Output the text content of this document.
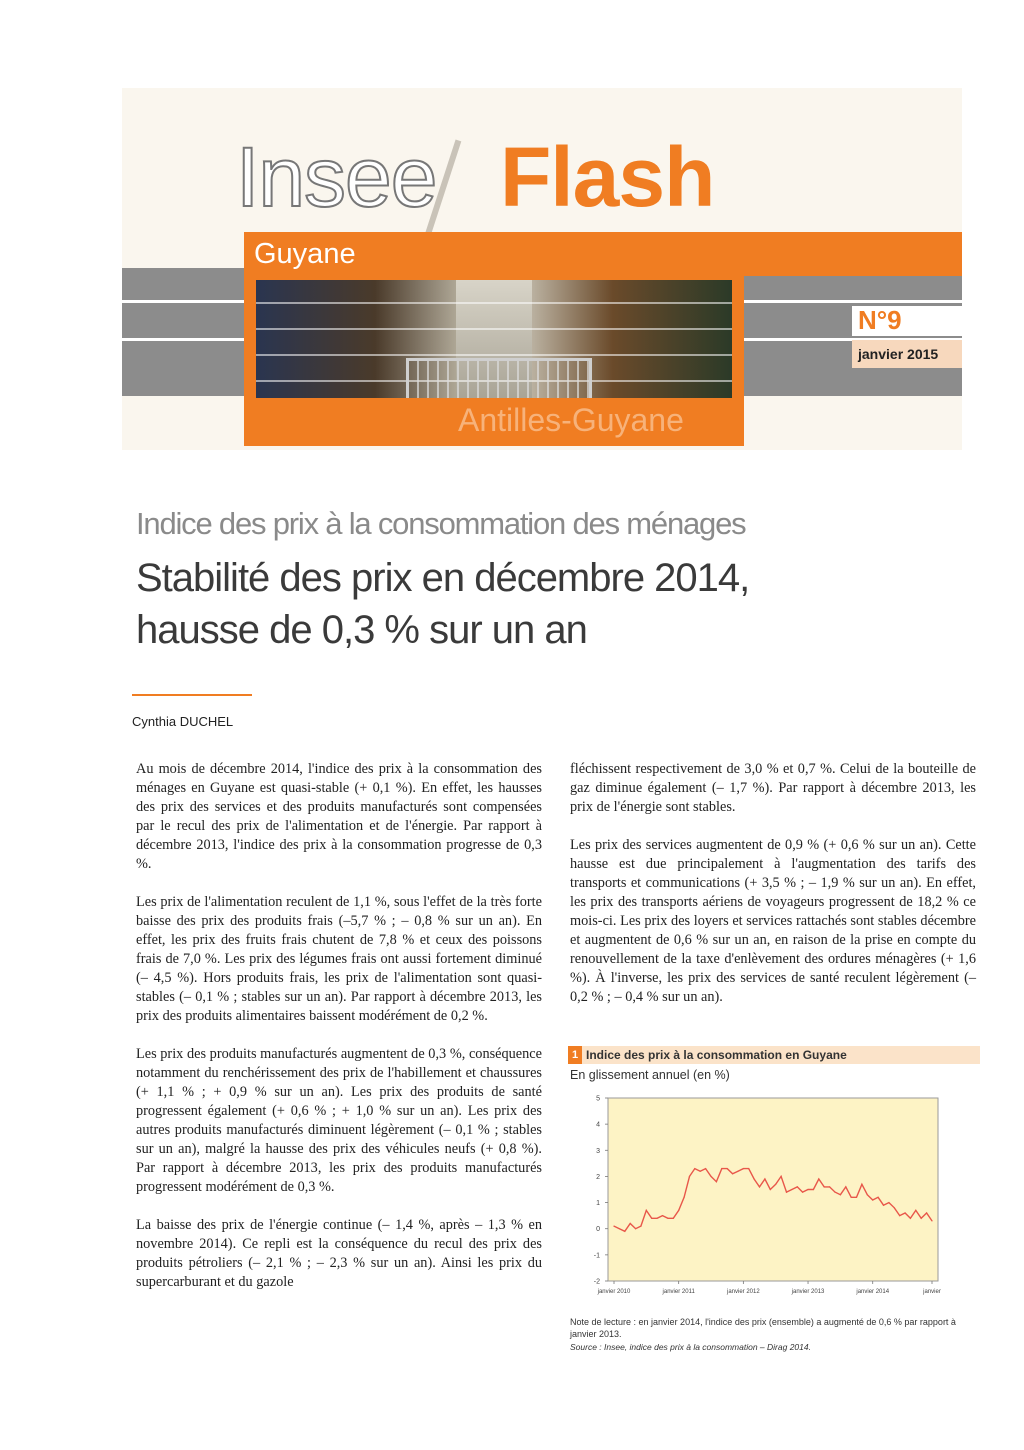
Insee Flash
Guyane
Antilles-Guyane
N°9
janvier 2015
Indice des prix à la consommation des ménages
Stabilité des prix en décembre 2014,
hausse de 0,3 % sur un an
Cynthia DUCHEL

Au mois de décembre 2014, l'indice des prix à la consommation des ménages en Guyane est quasi-stable (+ 0,1 %). En effet, les hausses des prix des services et des produits manufacturés sont compensées par le recul des prix de l'alimentation et de l'énergie. Par rapport à décembre 2013, l'indice des prix à la consommation progresse de 0,3 %.

Les prix de l'alimentation reculent de 1,1 %, sous l'effet de la très forte baisse des prix des produits frais (–5,7 % ; – 0,8 % sur un an). En effet, les prix des fruits frais chutent de 7,8 % et ceux des poissons frais de 7,0 %. Les prix des légumes frais ont aussi fortement diminué (– 4,5 %). Hors produits frais, les prix de l'alimentation sont quasi-stables (– 0,1 % ; stables sur un an). Par rapport à décembre 2013, les prix des produits alimentaires baissent modérément de 0,2 %.

Les prix des produits manufacturés augmentent de 0,3 %, conséquence notamment du renchérissement des prix de l'habillement et chaussures (+ 1,1 % ; + 0,9 % sur un an). Les prix des produits de santé progressent également (+ 0,6 % ; + 1,0 % sur un an). Les prix des autres produits manufacturés diminuent légèrement (– 0,1 % ; stables sur un an), malgré la hausse des prix des véhicules neufs (+ 0,8 %). Par rapport à décembre 2013, les prix des produits manufacturés progressent modérément de 0,3 %.

La baisse des prix de l'énergie continue (– 1,4 %, après – 1,3 % en novembre 2014). Ce repli est la conséquence du recul des prix des produits pétroliers (– 2,1 % ; – 2,3 % sur un an). Ainsi les prix du supercarburant et du gazole

fléchissent respectivement de 3,0 % et 0,7 %. Celui de la bouteille de gaz diminue également (– 1,7 %). Par rapport à décembre 2013, les prix de l'énergie sont stables.

Les prix des services augmentent de 0,9 % (+ 0,6 % sur un an). Cette hausse est due principalement à l'augmentation des tarifs des transports et communications (+ 3,5 % ; – 1,9 % sur un an). En effet, les prix des transports aériens de voyageurs progressent de 18,2 % ce mois-ci. Les prix des loyers et services rattachés sont stables décembre et augmentent de 0,6 % sur un an, en raison de la prise en compte du renouvellement de la taxe d'enlèvement des ordures ménagères (+ 1,6 %). À l'inverse, les prix des services de santé reculent légèrement (– 0,2 % ; – 0,4 % sur un an).

1 Indice des prix à la consommation en Guyane
En glissement annuel (en %)
-2
-1
0
1
2
3
4
5
janvier 2010	janvier 2011	janvier 2012	janvier 2013	janvier 2014	janvier
Note de lecture : en janvier 2014, l'indice des prix (ensemble) a augmenté de 0,6 % par rapport à janvier 2013.
Source : Insee, indice des prix à la consommation – Dirag 2014.
